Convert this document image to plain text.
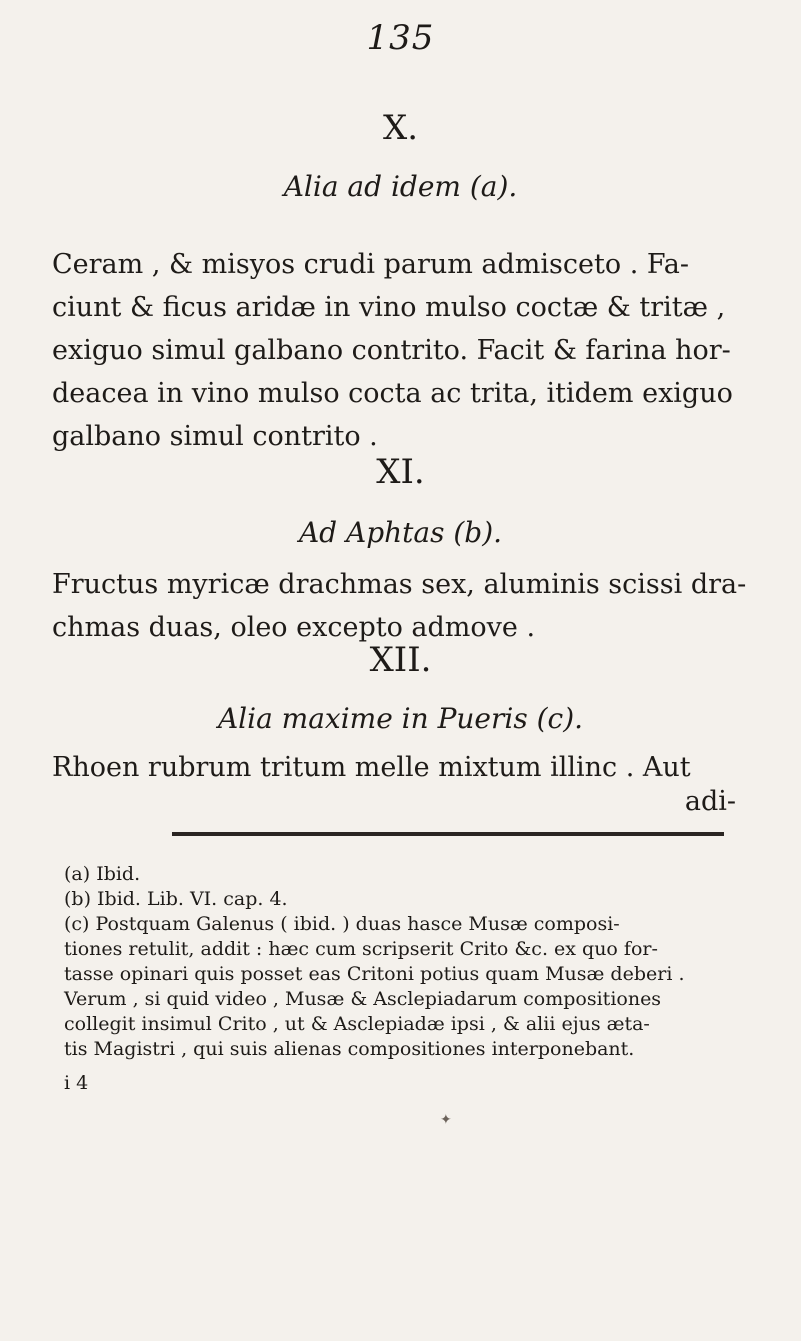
135
X.
Alia ad idem (a).
Ceram , & misyos crudi parum admisceto . Fa-
ciunt & ficus aridæ in vino mulso coctæ & tritæ ,
exiguo simul galbano contrito. Facit & farina hor-
deacea in vino mulso cocta ac trita, itidem exiguo
galbano simul contrito .
XI.
Ad Aphtas (b).
Fructus myricæ drachmas sex, aluminis scissi dra-
chmas duas, oleo excepto admove .
XII.
Alia maxime in Pueris (c).
Rhoen rubrum tritum melle mixtum illinc . Aut
adi-
(a) Ibid.
(b) Ibid. Lib. VI. cap. 4.
(c) Postquam Galenus ( ibid. ) duas hasce Musæ composi-
tiones retulit, addit : hæc cum scripserit Crito &c. ex quo for-
tasse opinari quis posset eas Critoni potius quam Musæ deberi .
Verum , si quid video , Musæ & Asclepiadarum compositiones
collegit insimul Crito , ut & Asclepiadæ ipsi , & alii ejus æta-
tis Magistri , qui suis alienas compositiones interponebant.
i 4
✦
